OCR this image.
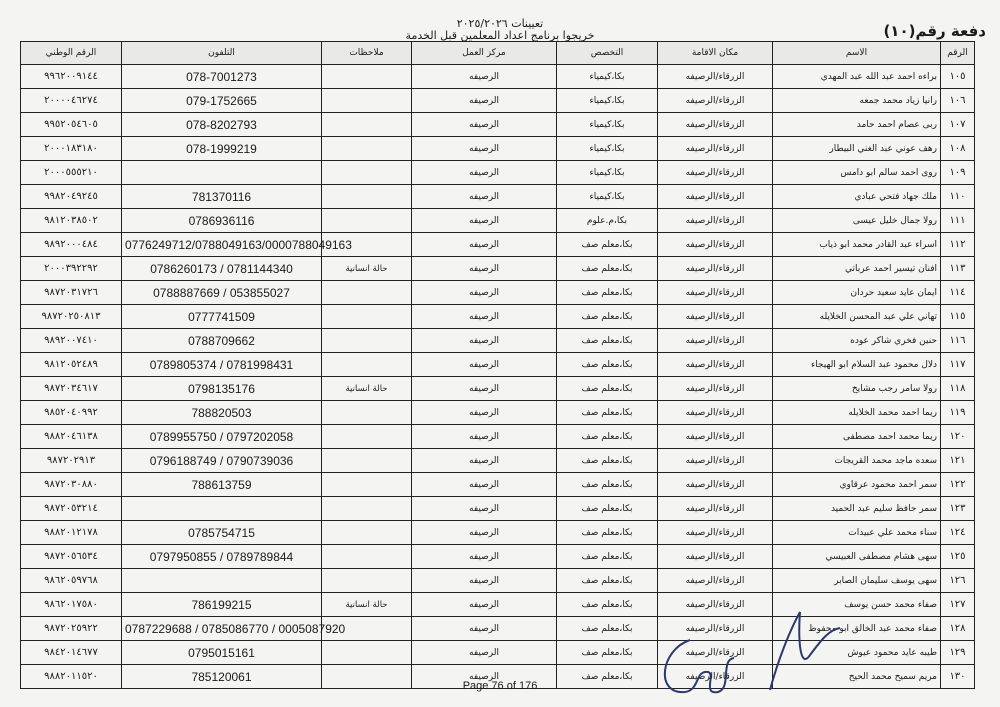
تعيينات ٢٠٢٥/٢٠٢٦
خريجوا برنامج اعداد المعلمين قبل الخدمة	دفعة رقم(١٠)
الرقم	الاسم	مكان الاقامة	التخصص	مركز العمل	ملاحظات	التلفون	الرقم الوطني
١٠٥	براءه احمد عبد الله عبد المهدي	الزرقاء/الرصيفه	بكا،كيمياء	الرصيفه		078-7001273	٩٩٦٢٠٠٩١٤٤
١٠٦	رانيا زياد محمد جمعه	الزرقاء/الرصيفه	بكا،كيمياء	الرصيفه		079-1752665	٢٠٠٠٠٤٦٢٧٤
١٠٧	ربى عصام احمد حامد	الزرقاء/الرصيفه	بكا،كيمياء	الرصيفه		078-8202793	٩٩٥٢٠٥٤٦٠٥
١٠٨	رهف عوني عبد الغني البيطار	الزرقاء/الرصيفه	بكا،كيمياء	الرصيفه		078-1999219	٢٠٠٠١٨٣١٨٠
١٠٩	روى احمد سالم ابو دامس	الزرقاء/الرصيفه	بكا،كيمياء	الرصيفه			٢٠٠٠٥٥٥٢١٠
١١٠	ملك جهاد فتحي عبادي	الزرقاء/الرصيفه	بكا،كيمياء	الرصيفه		781370116	٩٩٨٢٠٤٩٢٤٥
١١١	رولا جمال خليل عيسى	الزرقاء/الرصيفه	بكا،م.علوم	الرصيفه		0786936116	٩٨١٢٠٣٨٥٠٢
١١٢	اسراء عبد القادر محمد ابو ذياب	الزرقاء/الرصيفه	بكا،معلم صف	الرصيفه		0776249712/0788049163/0000788049163	٩٨٩٢٠٠٠٤٨٤
١١٣	افنان تيسير احمد عرباتي	الزرقاء/الرصيفه	بكا،معلم صف	الرصيفه	حالة انسانية	0786260173 / 0781144340	٢٠٠٠٣٩٢٢٩٢
١١٤	ايمان عايد سعيد حردان	الزرقاء/الرصيفه	بكا،معلم صف	الرصيفه		0788887669 / 053855027	٩٨٧٢٠٣١٧٢٦
١١٥	تهاني علي عبد المحسن الخلايله	الزرقاء/الرصيفه	بكا،معلم صف	الرصيفه		0777741509	٩٨٧٢٠٢٥٠٨١٣
١١٦	حنين فخري شاكر عوده	الزرقاء/الرصيفه	بكا،معلم صف	الرصيفه		0788709662	٩٨٩٢٠٠٧٤١٠
١١٧	دلال محمود عبد السلام ابو الهيجاء	الزرقاء/الرصيفه	بكا،معلم صف	الرصيفه		0789805374 / 0781998431	٩٨١٢٠٥٢٤٨٩
١١٨	رولا سامر رجب مشايخ	الزرقاء/الرصيفه	بكا،معلم صف	الرصيفه	حالة انسانية	0798135176	٩٨٧٢٠٣٤٦١٧
١١٩	ريما احمد محمد الخلايله	الزرقاء/الرصيفه	بكا،معلم صف	الرصيفه		788820503	٩٨٥٢٠٤٠٩٩٢
١٢٠	ريما محمد احمد مصطفى	الزرقاء/الرصيفه	بكا،معلم صف	الرصيفه		0789955750 / 0797202058	٩٨٨٢٠٤٦١٣٨
١٢١	سعده ماجد محمد القريجات	الزرقاء/الرصيفه	بكا،معلم صف	الرصيفه		0796188749 / 0790739036	٩٨٧٢٠٢٩١٣
١٢٢	سمر احمد محمود عرقاوي	الزرقاء/الرصيفه	بكا،معلم صف	الرصيفه		788613759	٩٨٧٢٠٣٠٨٨٠
١٢٣	سمر حافظ سليم عبد الحميد	الزرقاء/الرصيفه	بكا،معلم صف	الرصيفه			٩٨٧٢٠٥٣٢١٤
١٢٤	سناء محمد علي عبيدات	الزرقاء/الرصيفه	بكا،معلم صف	الرصيفه		0785754715	٩٨٨٢٠١٢١٧٨
١٢٥	سهى هشام مصطفى العبيسي	الزرقاء/الرصيفه	بكا،معلم صف	الرصيفه		0797950855 / 0789789844	٩٨٧٢٠٥٦٥٣٤
١٢٦	سهى يوسف سليمان الصابر	الزرقاء/الرصيفه	بكا،معلم صف	الرصيفه			٩٨٦٢٠٥٩٧٦٨
١٢٧	صفاء محمد حسن يوسف	الزرقاء/الرصيفه	بكا،معلم صف	الرصيفه	حالة انسانية	786199215	٩٨٦٢٠١٧٥٨٠
١٢٨	صفاء محمد عبد الخالق ابو محفوظ	الزرقاء/الرصيفه	بكا،معلم صف	الرصيفه		0787229688 / 0785086770 / 0005087920	٩٨٧٢٠٢٥٩٢٢
١٢٩	طيبه عايد محمود عيوش	الزرقاء/الرصيفه	بكا،معلم صف	الرصيفه		0795015161	٩٨٤٢٠١٤٦٧٧
١٣٠	مريم سميح محمد الحيح	الزرقاء/الرصيفه	بكا،معلم صف	الرصيفه		785120061	٩٨٨٢٠١١٥٢٠
Page 76 of 176
